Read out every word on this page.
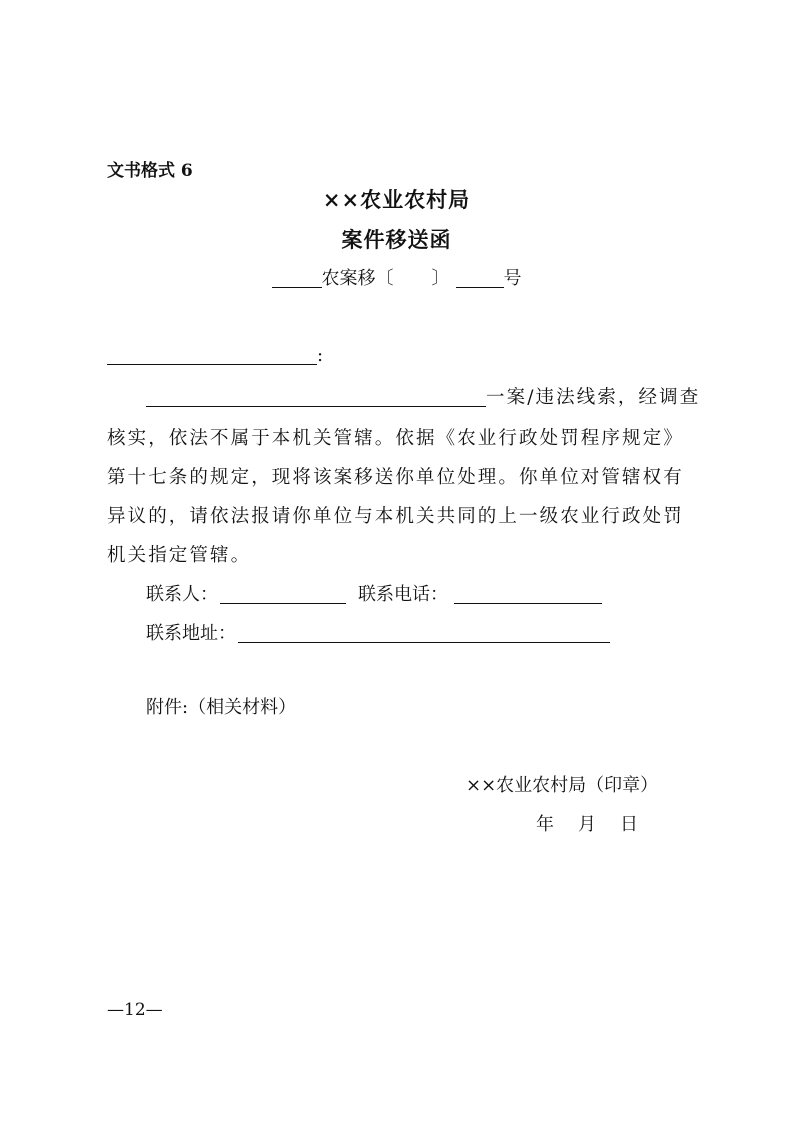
文书格式 6
××农业农村局
案件移送函
农案移〔 〕	号
:
一案/违法线索，经调查
核实，依法不属于本机关管辖。依据《农业行政处罚程序规定》
第十七条的规定，现将该案移送你单位处理。你单位对管辖权有
异议的，请依法报请你单位与本机关共同的上一级农业行政处罚
机关指定管辖。
联系人：	联系电话：
联系地址：
附件:（相关材料）
××农业农村局（印章）
年 月 日
—12—
